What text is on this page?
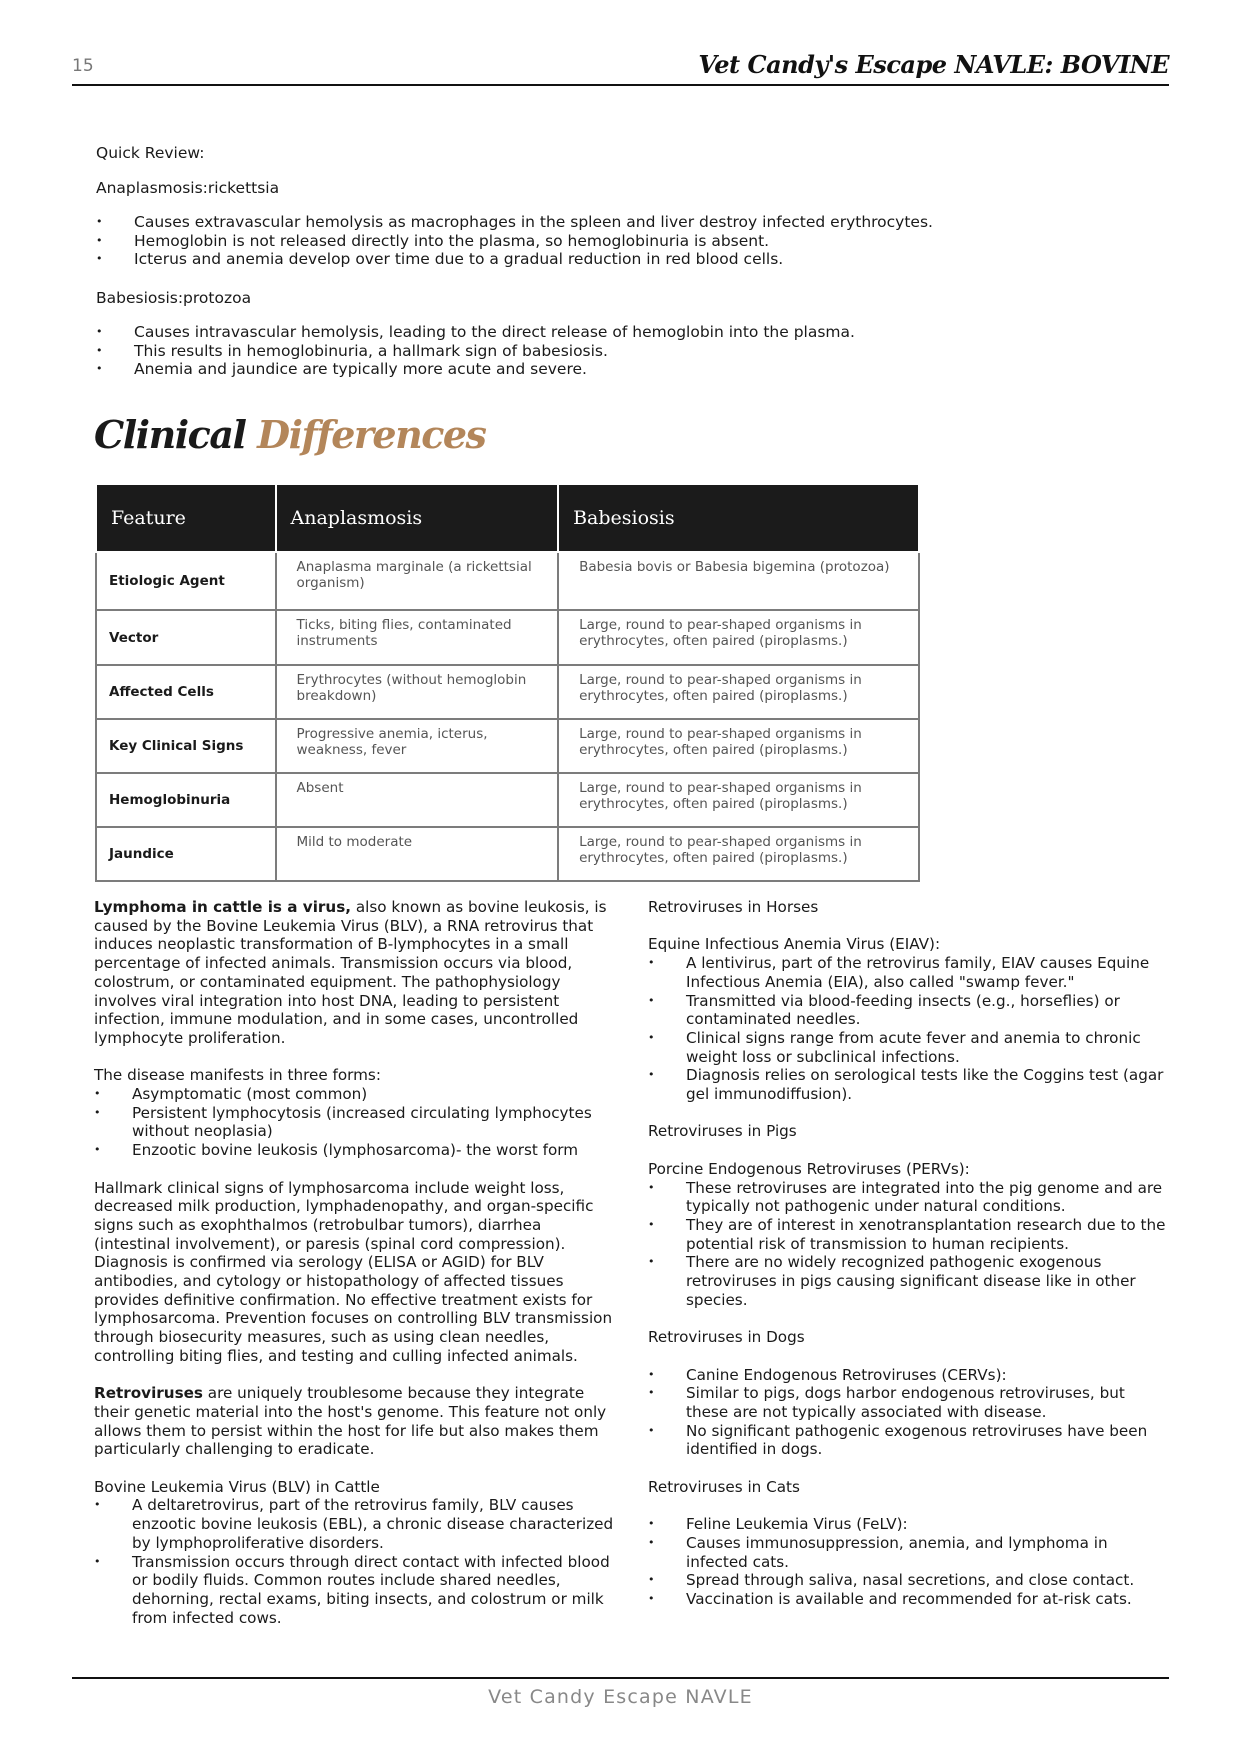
15	Vet Candy's Escape NAVLE: BOVINE

Quick Review:

Anaplasmosis:rickettsia

• Causes extravascular hemolysis as macrophages in the spleen and liver destroy infected erythrocytes.
• Hemoglobin is not released directly into the plasma, so hemoglobinuria is absent.
• Icterus and anemia develop over time due to a gradual reduction in red blood cells.

Babesiosis:protozoa

• Causes intravascular hemolysis, leading to the direct release of hemoglobin into the plasma.
• This results in hemoglobinuria, a hallmark sign of babesiosis.
• Anemia and jaundice are typically more acute and severe.
Clinical Differences
Feature	Anaplasmosis	Babesiosis
Etiologic Agent	Anaplasma marginale (a rickettsial organism)	Babesia bovis or Babesia bigemina (protozoa)
Vector	Ticks, biting flies, contaminated instruments	Large, round to pear-shaped organisms in erythrocytes, often paired (piroplasms.)
Affected Cells	Erythrocytes (without hemoglobin breakdown)	Large, round to pear-shaped organisms in erythrocytes, often paired (piroplasms.)
Key Clinical Signs	Progressive anemia, icterus, weakness, fever	Large, round to pear-shaped organisms in erythrocytes, often paired (piroplasms.)
Hemoglobinuria	Absent	Large, round to pear-shaped organisms in erythrocytes, often paired (piroplasms.)
Jaundice	Mild to moderate	Large, round to pear-shaped organisms in erythrocytes, often paired (piroplasms.)

Lymphoma in cattle is a virus, also known as bovine leukosis, is caused by the Bovine Leukemia Virus (BLV), a RNA retrovirus that induces neoplastic transformation of B-lymphocytes in a small percentage of infected animals. Transmission occurs via blood, colostrum, or contaminated equipment. The pathophysiology involves viral integration into host DNA, leading to persistent infection, immune modulation, and in some cases, uncontrolled lymphocyte proliferation.

The disease manifests in three forms:

• Asymptomatic (most common)
• Persistent lymphocytosis (increased circulating lymphocytes without neoplasia)
• Enzootic bovine leukosis (lymphosarcoma)- the worst form

Hallmark clinical signs of lymphosarcoma include weight loss, decreased milk production, lymphadenopathy, and organ-specific signs such as exophthalmos (retrobulbar tumors), diarrhea (intestinal involvement), or paresis (spinal cord compression). Diagnosis is confirmed via serology (ELISA or AGID) for BLV antibodies, and cytology or histopathology of affected tissues provides definitive confirmation. No effective treatment exists for lymphosarcoma. Prevention focuses on controlling BLV transmission through biosecurity measures, such as using clean needles, controlling biting flies, and testing and culling infected animals.

Retroviruses are uniquely troublesome because they integrate their genetic material into the host's genome. This feature not only allows them to persist within the host for life but also makes them particularly challenging to eradicate.

Bovine Leukemia Virus (BLV) in Cattle

• A deltaretrovirus, part of the retrovirus family, BLV causes enzootic bovine leukosis (EBL), a chronic disease characterized by lymphoproliferative disorders.
• Transmission occurs through direct contact with infected blood or bodily fluids. Common routes include shared needles, dehorning, rectal exams, biting insects, and colostrum or milk from infected cows.

Retroviruses in Horses

Equine Infectious Anemia Virus (EIAV):

• A lentivirus, part of the retrovirus family, EIAV causes Equine Infectious Anemia (EIA), also called "swamp fever."
• Transmitted via blood-feeding insects (e.g., horseflies) or contaminated needles.
• Clinical signs range from acute fever and anemia to chronic weight loss or subclinical infections.
• Diagnosis relies on serological tests like the Coggins test (agar gel immunodiffusion).

Retroviruses in Pigs

Porcine Endogenous Retroviruses (PERVs):

• These retroviruses are integrated into the pig genome and are typically not pathogenic under natural conditions.
• They are of interest in xenotransplantation research due to the potential risk of transmission to human recipients.
• There are no widely recognized pathogenic exogenous retroviruses in pigs causing significant disease like in other species.

Retroviruses in Dogs

• Canine Endogenous Retroviruses (CERVs):
• Similar to pigs, dogs harbor endogenous retroviruses, but these are not typically associated with disease.
• No significant pathogenic exogenous retroviruses have been identified in dogs.

Retroviruses in Cats

• Feline Leukemia Virus (FeLV):
• Causes immunosuppression, anemia, and lymphoma in infected cats.
• Spread through saliva, nasal secretions, and close contact.
• Vaccination is available and recommended for at-risk cats.
Vet Candy Escape NAVLE
